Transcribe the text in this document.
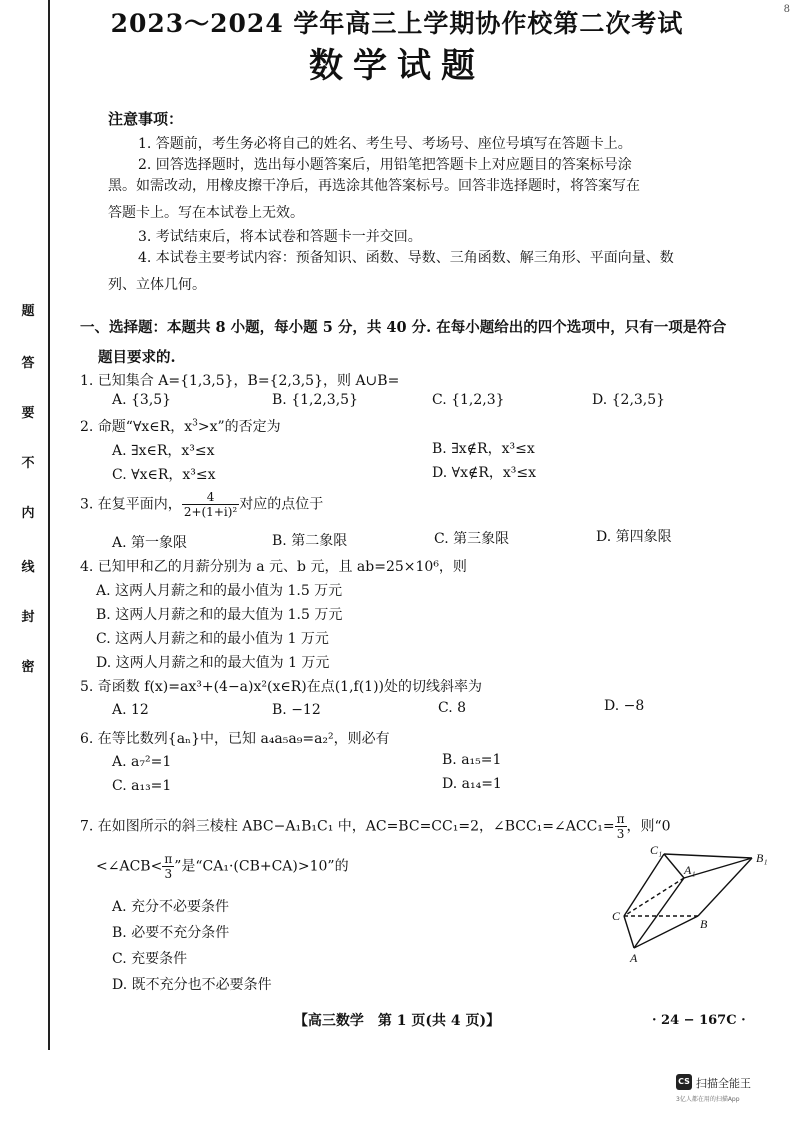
题
答
要
不
内
线
封
密
8
2023～2024 学年高三上学期协作校第二次考试
数学试题
注意事项：
1. 答题前，考生务必将自己的姓名、考生号、考场号、座位号填写在答题卡上。
2. 回答选择题时，选出每小题答案后，用铅笔把答题卡上对应题目的答案标号涂
黑。如需改动，用橡皮擦干净后，再选涂其他答案标号。回答非选择题时，将答案写在
答题卡上。写在本试卷上无效。
3. 考试结束后，将本试卷和答题卡一并交回。
4. 本试卷主要考试内容：预备知识、函数、导数、三角函数、解三角形、平面向量、数
列、立体几何。
一、选择题：本题共 8 小题，每小题 5 分，共 40 分. 在每小题给出的四个选项中，只有一项是符合
题目要求的.
1. 已知集合 A={1,3,5}，B={2,3,5}，则 A∪B=
A. {3,5}	B. {1,2,3,5}	C. {1,2,3}	D. {2,3,5}
2. 命题“∀x∈R，$x^3>x$”的否定为
A. ∃x∈R，x³≤x	B. ∃x∉R，x³≤x
C. ∀x∈R，x³≤x	D. ∀x∉R，x³≤x
3. 在复平面内， $\frac{4}{\text{2+(1+i)²}}$ 对应的点位于
A. 第一象限	B. 第二象限	C. 第三象限	D. 第四象限
4. 已知甲和乙的月薪分别为 a 元、b 元，且 ab=25×10⁶，则
A. 这两人月薪之和的最小值为 1.5 万元
B. 这两人月薪之和的最大值为 1.5 万元
C. 这两人月薪之和的最小值为 1 万元
D. 这两人月薪之和的最大值为 1 万元
5. 奇函数 f(x)=ax³+(4−a)x²(x∈R)在点(1,f(1))处的切线斜率为
A. 12	B. −12	C. 8	D. −8
6. 在等比数列{aₙ}中，已知 a₄a₅a₉=a₂²，则必有
A. a₇²=1	B. a₁₅=1
C. a₁₃=1	D. a₁₄=1
7. 在如图所示的斜三棱柱 ABC−A₁B₁C₁ 中，AC=BC=CC₁=2，∠BCC₁=∠ACC₁= $\frac{\pi}{3}$ ，则“0
<∠ACB< $\frac{\pi}{3}$ ”是“CA₁·(CB+CA)>10”的
A. 充分不必要条件
B. 必要不充分条件
C. 充要条件
D. 既不充分也不必要条件
C₁
B₁
A₁
C
B
A
【高三数学　第 1 页(共 4 页)】	· 24 − 167C ·
CS 扫描全能王
3亿人都在用的扫描App
